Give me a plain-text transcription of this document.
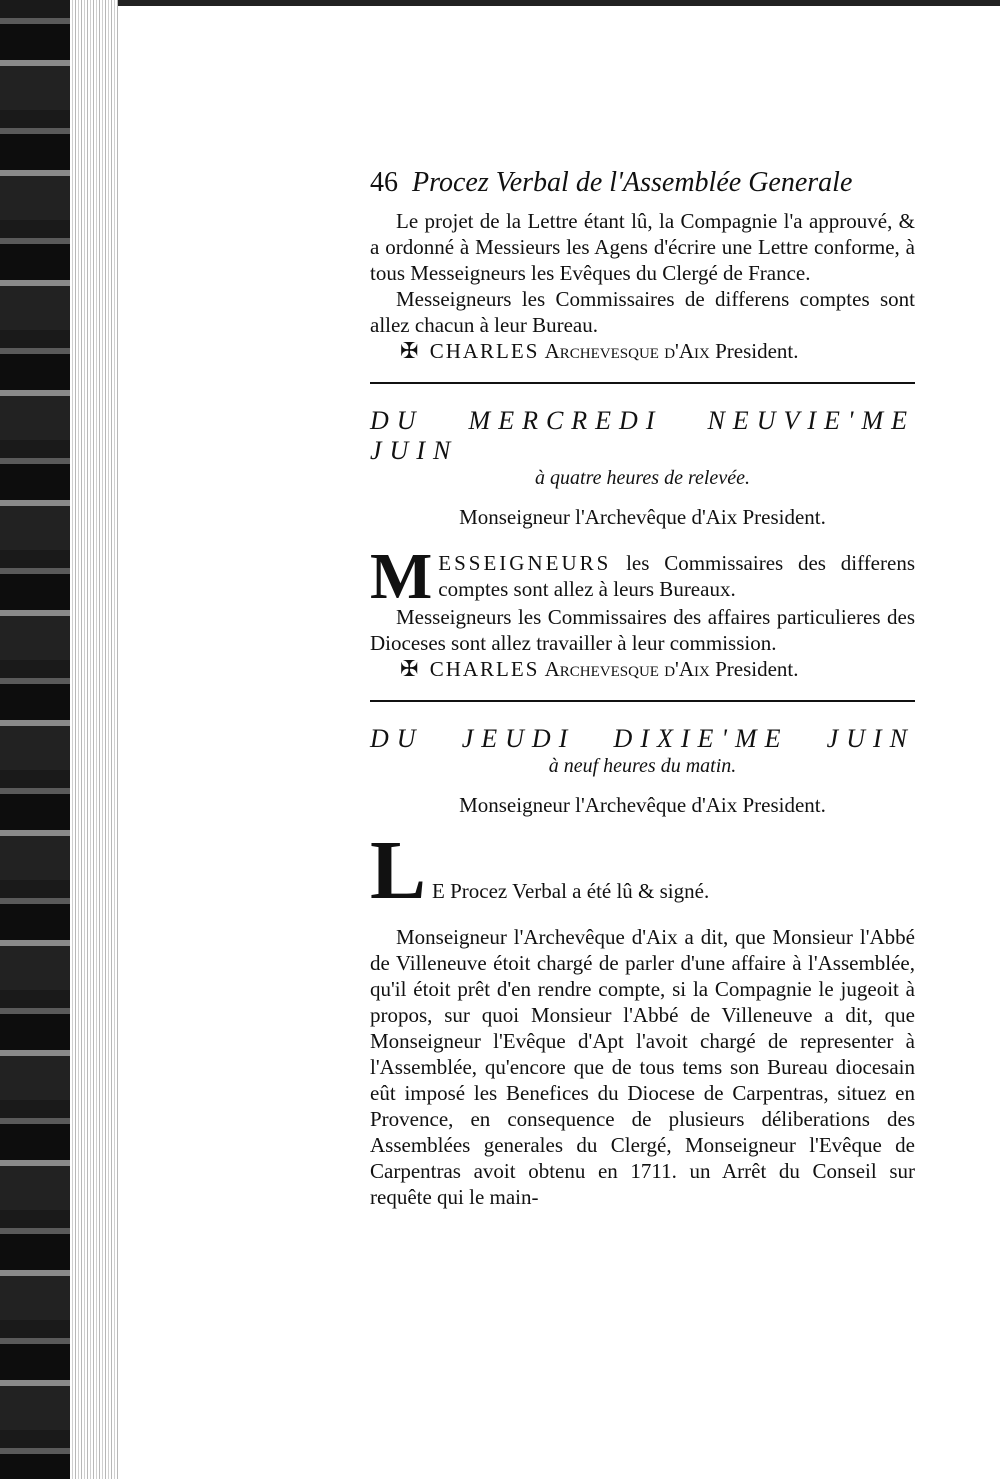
46 Procez Verbal de l'Assemblée Generale

Le projet de la Lettre étant lû, la Compagnie l'a approuvé, & a ordonné à Messieurs les Agens d'écrire une Lettre conforme, à tous Messeigneurs les Evêques du Clergé de France.

Messeigneurs les Commissaires de differens comptes sont allez chacun à leur Bureau.

✠ CHARLES Archevesque d'Aix President.
DU MERCREDI NEUVIE'ME JUIN
à quatre heures de relevée.
Monseigneur l'Archevêque d'Aix President.
M ESSEIGNEURS les Commissaires des differens comptes sont allez à leurs Bureaux.

Messeigneurs les Commissaires des affaires particulieres des Dioceses sont allez travailler à leur commission.

✠ CHARLES Archevesque d'Aix President.
DU JEUDI DIXIE'ME JUIN
à neuf heures du matin.
Monseigneur l'Archevêque d'Aix President.
L E Procez Verbal a été lû & signé.

Monseigneur l'Archevêque d'Aix a dit, que Monsieur l'Abbé de Villeneuve étoit chargé de parler d'une affaire à l'Assemblée, qu'il étoit prêt d'en rendre compte, si la Compagnie le jugeoit à propos, sur quoi Monsieur l'Abbé de Villeneuve a dit, que Monseigneur l'Evêque d'Apt l'avoit chargé de representer à l'Assemblée, qu'encore que de tous tems son Bureau diocesain eût imposé les Benefices du Diocese de Carpentras, situez en Provence, en consequence de plusieurs déliberations des Assemblées generales du Clergé, Monseigneur l'Evêque de Carpentras avoit obtenu en 1711. un Arrêt du Conseil sur requête qui le main-
